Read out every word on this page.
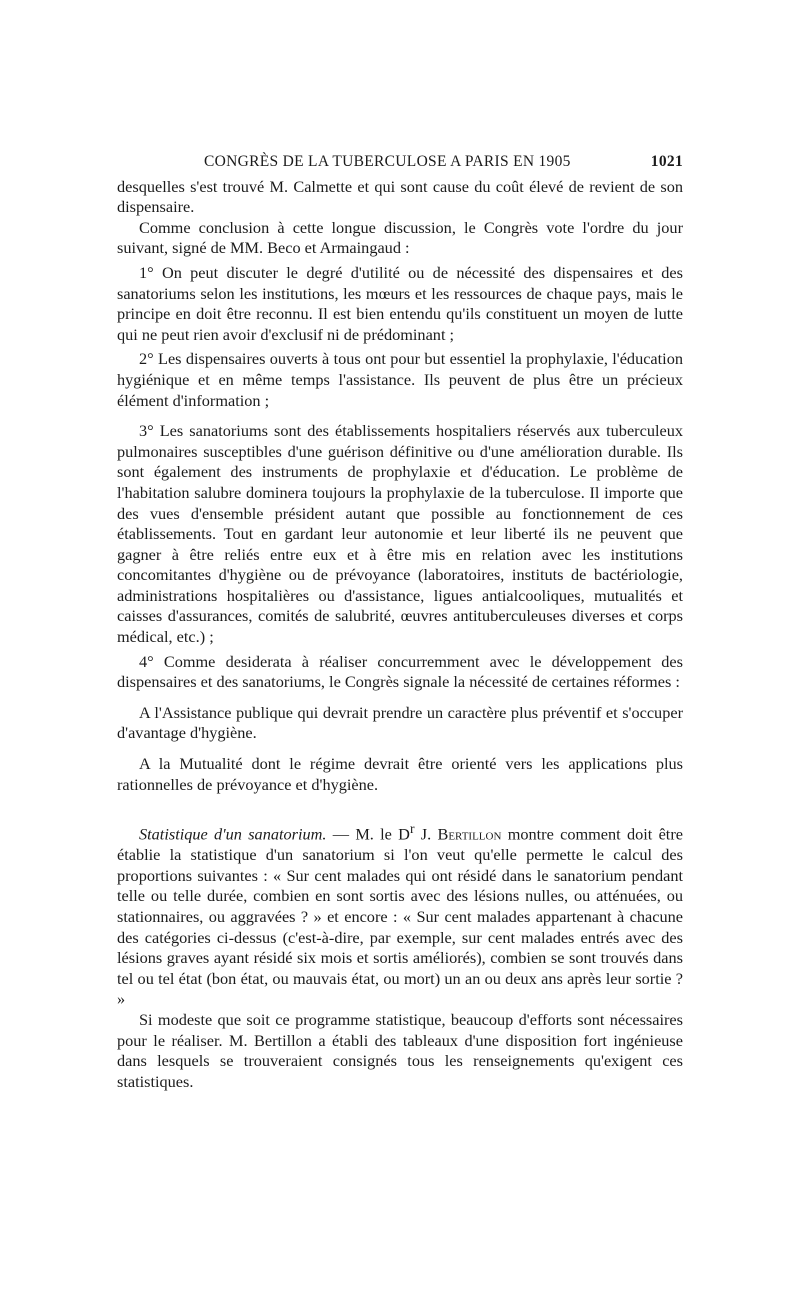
CONGRÈS DE LA TUBERCULOSE A PARIS EN 1905	1021

desquelles s'est trouvé M. Calmette et qui sont cause du coût élevé de revient de son dispensaire.

Comme conclusion à cette longue discussion, le Congrès vote l'ordre du jour suivant, signé de MM. Beco et Armaingaud :

1° On peut discuter le degré d'utilité ou de nécessité des dispensaires et des sanatoriums selon les institutions, les mœurs et les ressources de chaque pays, mais le principe en doit être reconnu. Il est bien entendu qu'ils constituent un moyen de lutte qui ne peut rien avoir d'exclusif ni de prédominant ;

2° Les dispensaires ouverts à tous ont pour but essentiel la prophylaxie, l'éducation hygiénique et en même temps l'assistance. Ils peuvent de plus être un précieux élément d'information ;

3° Les sanatoriums sont des établissements hospitaliers réservés aux tuberculeux pulmonaires susceptibles d'une guérison définitive ou d'une amélioration durable. Ils sont également des instruments de prophylaxie et d'éducation. Le problème de l'habitation salubre dominera toujours la prophylaxie de la tuberculose. Il importe que des vues d'ensemble président autant que possible au fonctionnement de ces établissements. Tout en gardant leur autonomie et leur liberté ils ne peuvent que gagner à être reliés entre eux et à être mis en relation avec les institutions concomitantes d'hygiène ou de prévoyance (laboratoires, instituts de bactériologie, administrations hospitalières ou d'assistance, ligues antialcooliques, mutualités et caisses d'assurances, comités de salubrité, œuvres antituberculeuses diverses et corps médical, etc.) ;

4° Comme desiderata à réaliser concurremment avec le développement des dispensaires et des sanatoriums, le Congrès signale la nécessité de certaines réformes :

A l'Assistance publique qui devrait prendre un caractère plus préventif et s'occuper d'avantage d'hygiène.

A la Mutualité dont le régime devrait être orienté vers les applications plus rationnelles de prévoyance et d'hygiène.

Statistique d'un sanatorium. — M. le $D^r$ J. Bertillon montre comment doit être établie la statistique d'un sanatorium si l'on veut qu'elle permette le calcul des proportions suivantes : « Sur cent malades qui ont résidé dans le sanatorium pendant telle ou telle durée, combien en sont sortis avec des lésions nulles, ou atténuées, ou stationnaires, ou aggravées ? » et encore : « Sur cent malades appartenant à chacune des catégories ci-dessus (c'est-à-dire, par exemple, sur cent malades entrés avec des lésions graves ayant résidé six mois et sortis améliorés), combien se sont trouvés dans tel ou tel état (bon état, ou mauvais état, ou mort) un an ou deux ans après leur sortie ? »

Si modeste que soit ce programme statistique, beaucoup d'efforts sont nécessaires pour le réaliser. M. Bertillon a établi des tableaux d'une disposition fort ingénieuse dans lesquels se trouveraient consignés tous les renseignements qu'exigent ces statistiques.
